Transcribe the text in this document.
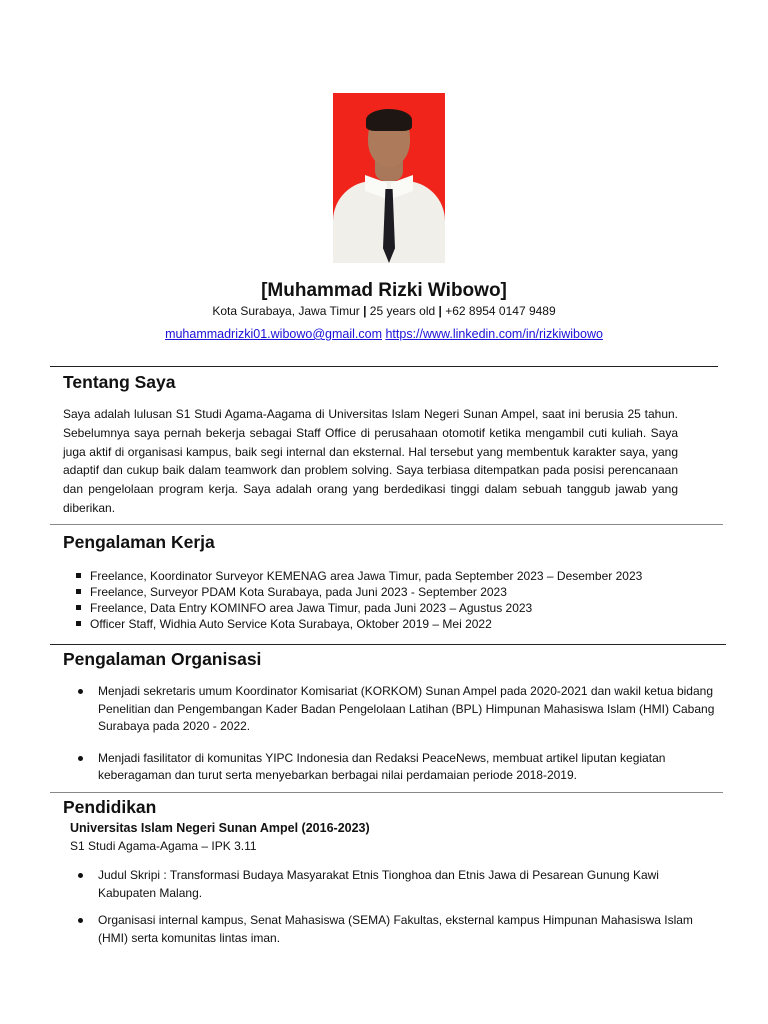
[Muhammad Rizki Wibowo]
Kota Surabaya, Jawa Timur | 25 years old | +62 8954 0147 9489
muhammadrizki01.wibowo@gmail.com https://www.linkedin.com/in/rizkiwibowo
Tentang Saya
Saya adalah lulusan S1 Studi Agama-Aagama di Universitas Islam Negeri Sunan Ampel, saat ini berusia 25 tahun. Sebelumnya saya pernah bekerja sebagai Staff Office di perusahaan otomotif ketika mengambil cuti kuliah. Saya juga aktif di organisasi kampus, baik segi internal dan eksternal. Hal tersebut yang membentuk karakter saya, yang adaptif dan cukup baik dalam teamwork dan problem solving. Saya terbiasa ditempatkan pada posisi perencanaan dan pengelolaan program kerja. Saya adalah orang yang berdedikasi tinggi dalam sebuah tanggub jawab yang diberikan.
Pengalaman Kerja
Freelance, Koordinator Surveyor KEMENAG area Jawa Timur, pada September 2023 – Desember 2023
Freelance, Surveyor PDAM Kota Surabaya, pada Juni 2023 - September 2023
Freelance, Data Entry KOMINFO area Jawa Timur, pada Juni 2023 – Agustus 2023
Officer Staff, Widhia Auto Service Kota Surabaya, Oktober 2019 – Mei 2022
Pengalaman Organisasi
Menjadi sekretaris umum Koordinator Komisariat (KORKOM) Sunan Ampel pada 2020-2021 dan wakil ketua bidang Penelitian dan Pengembangan Kader Badan Pengelolaan Latihan (BPL) Himpunan Mahasiswa Islam (HMI) Cabang Surabaya pada 2020 - 2022.
Menjadi fasilitator di komunitas YIPC Indonesia dan Redaksi PeaceNews, membuat artikel liputan kegiatan keberagaman dan turut serta menyebarkan berbagai nilai perdamaian periode 2018-2019.
Pendidikan
Universitas Islam Negeri Sunan Ampel (2016-2023)
S1 Studi Agama-Agama – IPK 3.11
Judul Skripi : Transformasi Budaya Masyarakat Etnis Tionghoa dan Etnis Jawa di Pesarean Gunung Kawi Kabupaten Malang.
Organisasi internal kampus, Senat Mahasiswa (SEMA) Fakultas, eksternal kampus Himpunan Mahasiswa Islam (HMI) serta komunitas lintas iman.
